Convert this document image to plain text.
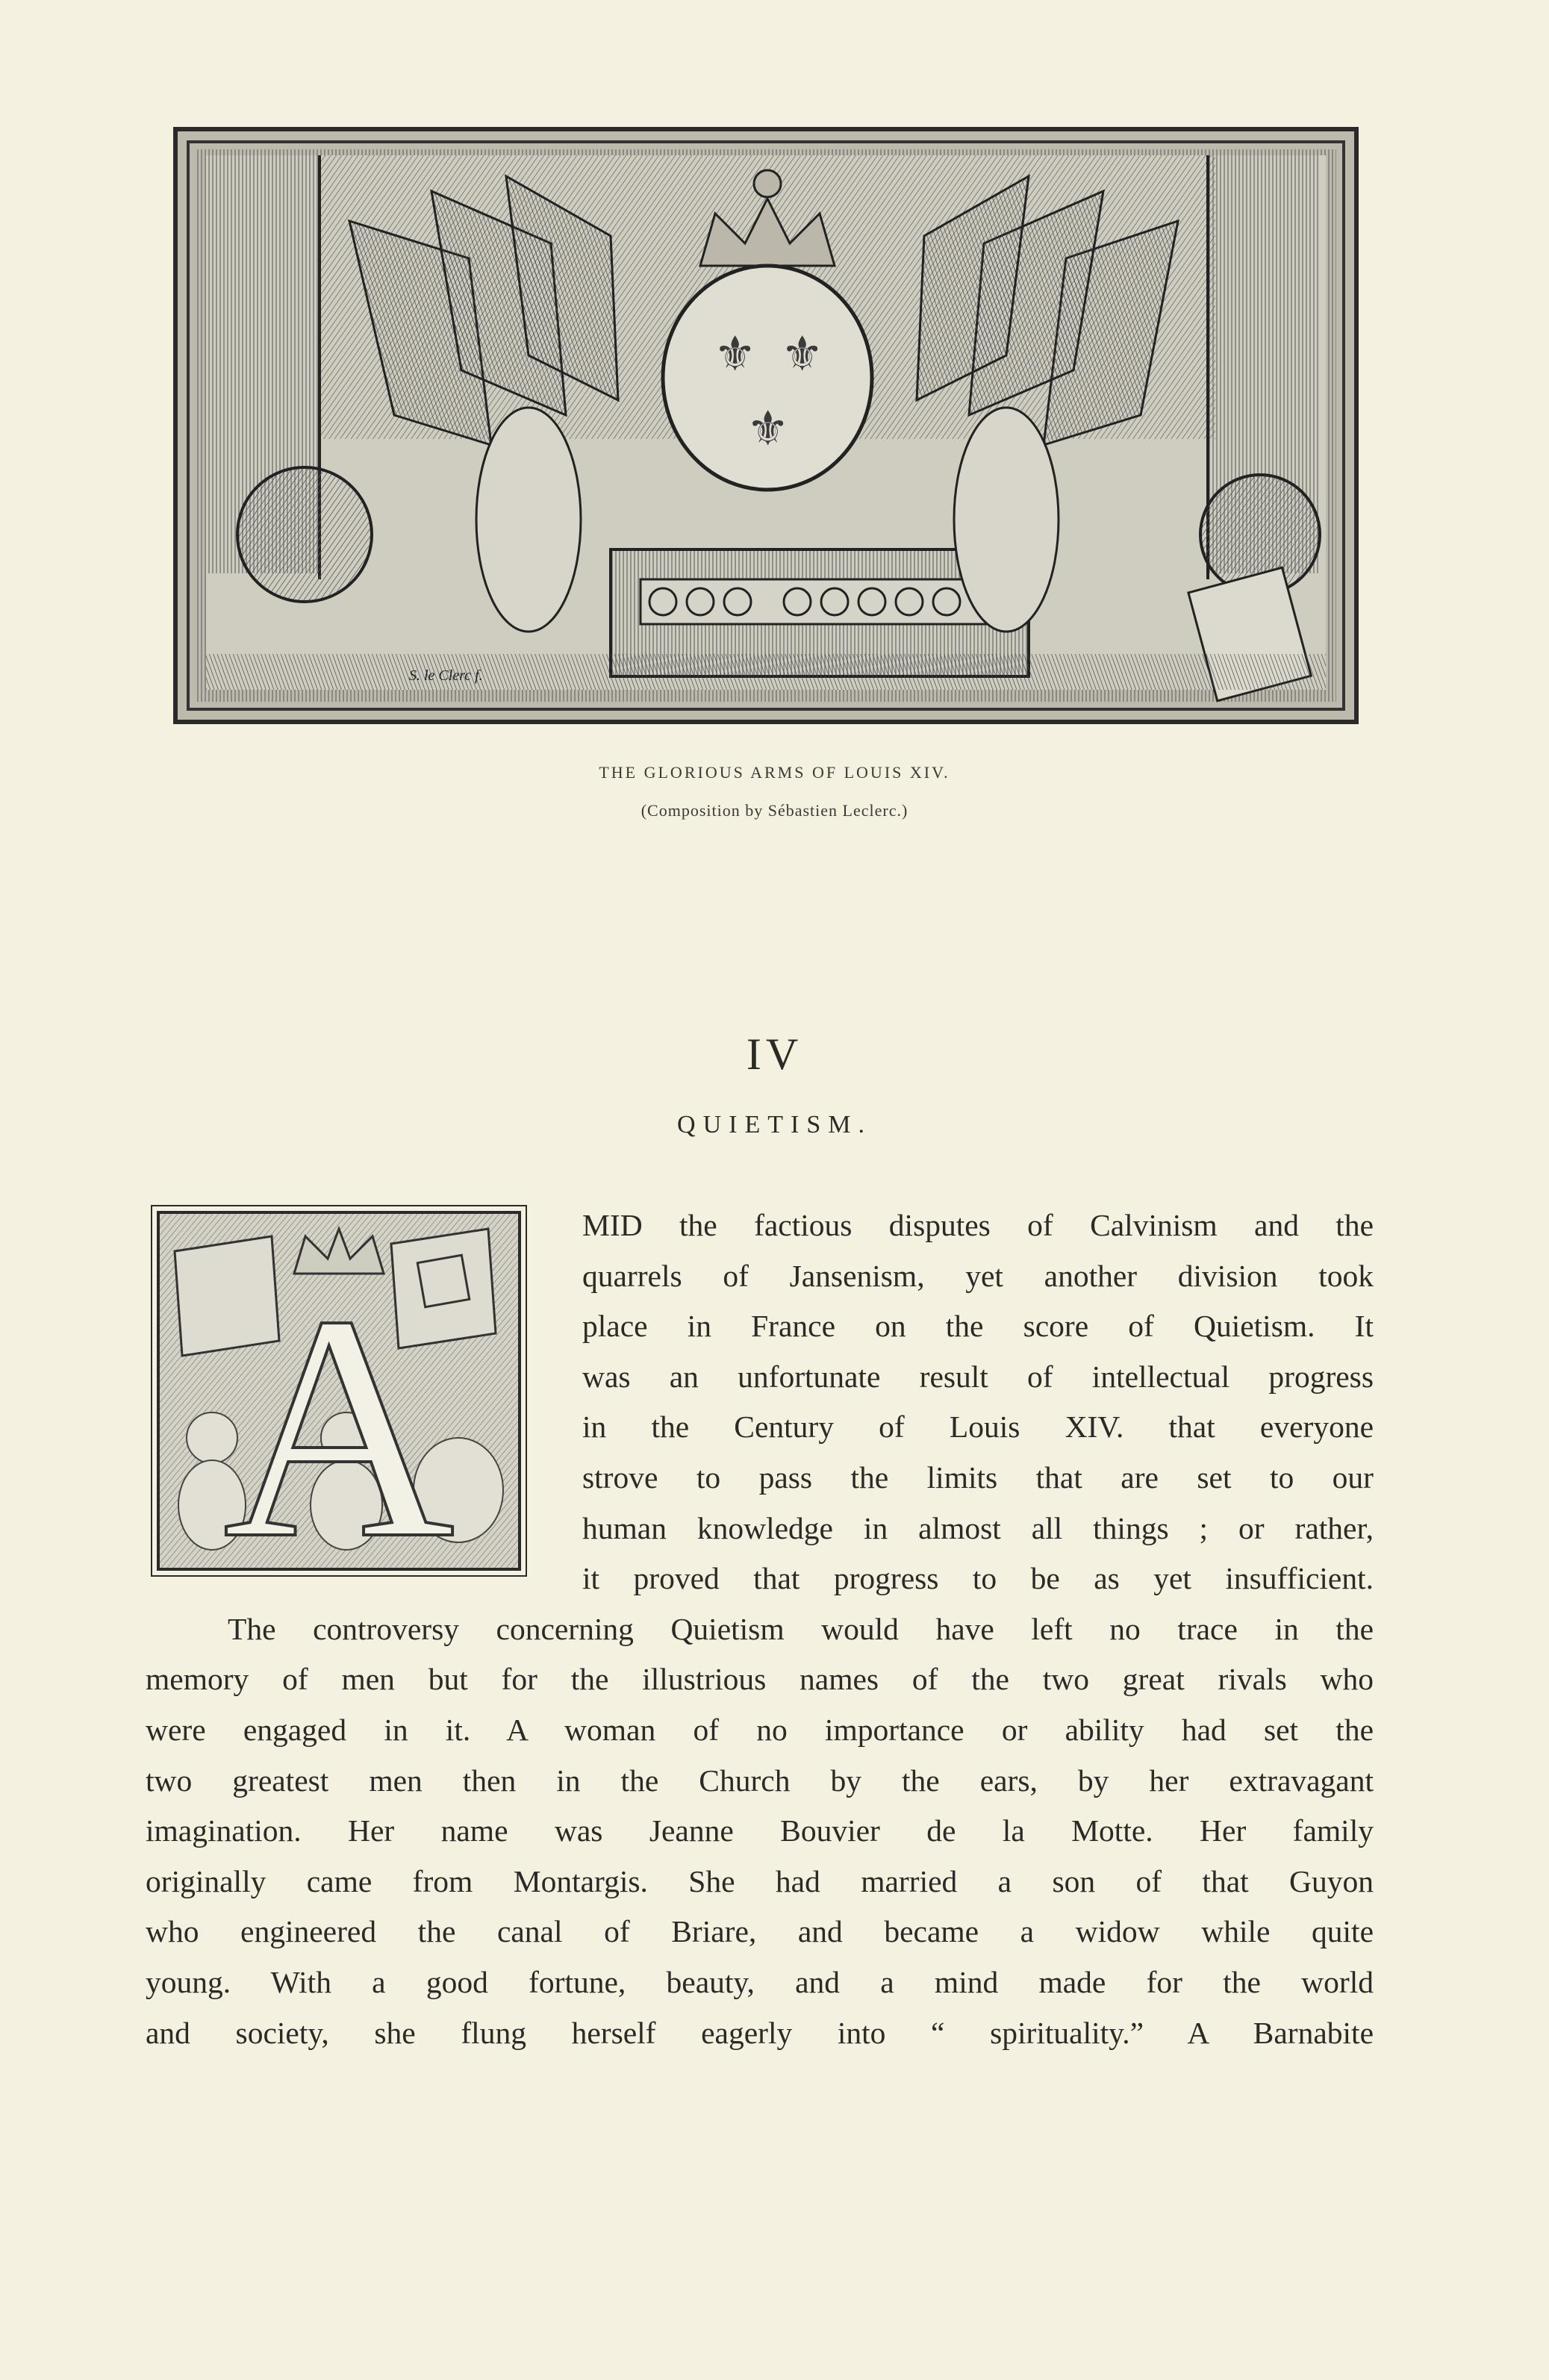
⚜ ⚜
⚜
S. le Clerc f.
THE GLORIOUS ARMS OF LOUIS XIV.
(Composition by Sébastien Leclerc.)
IV
QUIETISM.
A
MID the factious disputes of Calvinism and the
quarrels of Jansenism, yet another division took
place in France on the score of Quietism. It
was an unfortunate result of intellectual progress
in the Century of Louis XIV. that everyone
strove to pass the limits that are set to our
human knowledge in almost all things ; or rather,
it proved that progress to be as yet insufficient.
The controversy concerning Quietism would have left no trace in the
memory of men but for the illustrious names of the two great rivals who
were engaged in it. A woman of no importance or ability had set the
two greatest men then in the Church by the ears, by her extravagant
imagination. Her name was Jeanne Bouvier de la Motte. Her family
originally came from Montargis. She had married a son of that Guyon
who engineered the canal of Briare, and became a widow while quite
young. With a good fortune, beauty, and a mind made for the world
and society, she flung herself eagerly into “ spirituality.” A Barnabite
